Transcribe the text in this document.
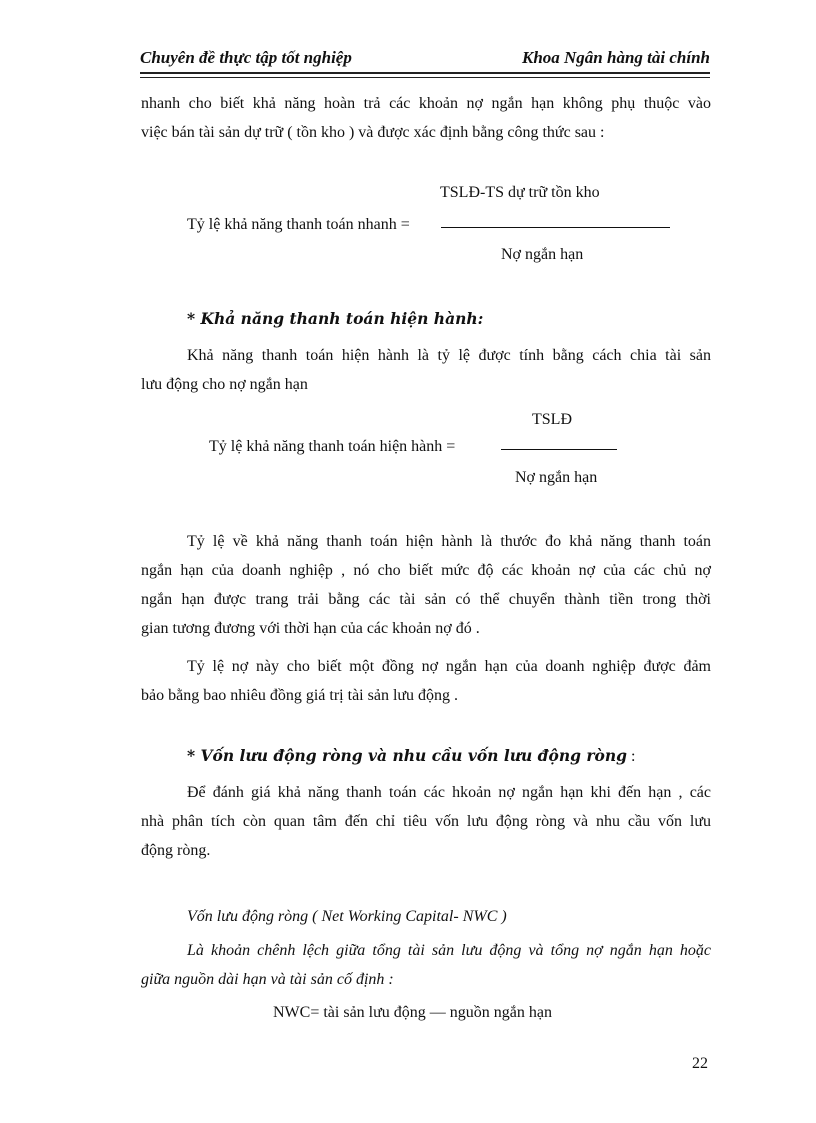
Chuyên đề thực tập tốt nghiệp	Khoa Ngân hàng tài chính
nhanh cho biết khả năng hoàn trả các khoản nợ ngắn hạn không phụ thuộc vào
việc bán tài sản dự trữ ( tồn kho ) và được xác định bằng công thức sau :
TSLĐ-TS dự trữ tồn kho
Tỷ lệ khả năng thanh toán nhanh =
Nợ ngắn hạn
* Khả năng thanh toán hiện hành:
Khả năng thanh toán hiện hành là tỷ lệ được tính bằng cách chia tài sản
lưu động cho nợ ngắn hạn
TSLĐ
Tỷ lệ khả năng thanh toán hiện hành =
Nợ ngắn hạn
Tỷ lệ về khả năng thanh toán hiện hành là thước đo khả năng thanh toán
ngắn hạn của doanh nghiệp , nó cho biết mức độ các khoản nợ của các chủ nợ
ngắn hạn được trang trải bằng các tài sản có thể chuyển thành tiền trong thời
gian tương đương với thời hạn của các khoản nợ đó .
Tỷ lệ nợ này cho biết một đồng nợ ngắn hạn của doanh nghiệp được đảm
bảo bằng bao nhiêu đồng giá trị tài sản lưu động .
* Vốn lưu động ròng và nhu cầu vốn lưu động ròng :
Để đánh giá khả năng thanh toán các hkoản nợ ngắn hạn khi đến hạn , các
nhà phân tích còn quan tâm đến chỉ tiêu vốn lưu động ròng và nhu cầu vốn lưu
động ròng.
Vốn lưu động ròng ( Net Working Capital- NWC )
Là khoản chênh lệch giữa tổng tài sản lưu động và tổng nợ ngắn hạn hoặc
giữa nguồn dài hạn và tài sản cố định :
NWC= tài sản lưu động — nguồn ngắn hạn
22
